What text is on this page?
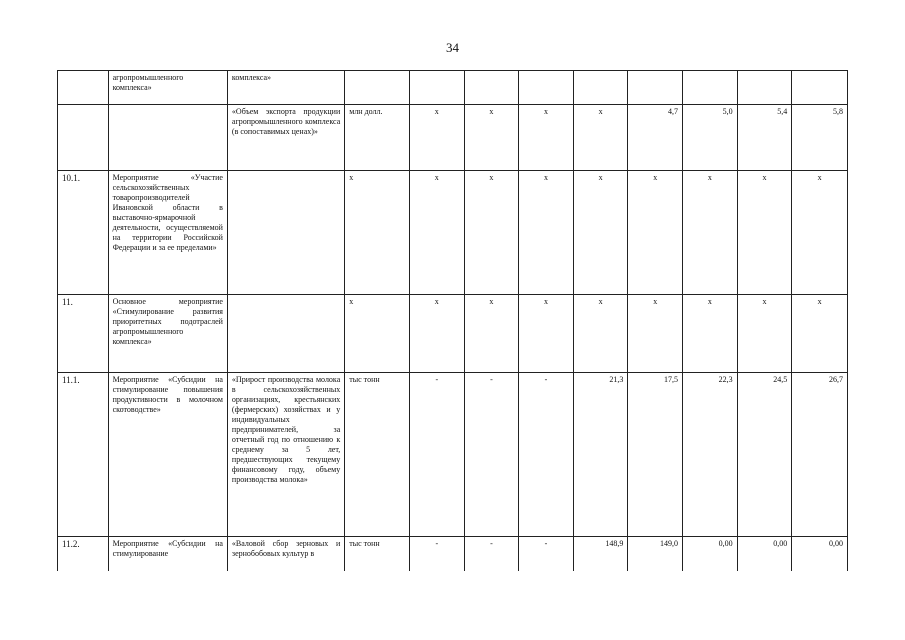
34
	агропромышленного комплекса»	комплекса»										
		«Объем экспорта продукции агропромышленного комплекса (в сопоставимых ценах)»	млн долл.	х	х	х	х	4,7	5,0	5,4	5,8	
10.1.	Мероприятие «Участие сельскохозяйственных товаропроизводителей Ивановской области в выставочно-ярмарочной деятельности, осуществляемой на территории Российской Федерации и за ее пределами»		х	х	х	х	х	х	х	х	х	
11.	Основное мероприятие «Стимулирование развития приоритетных подотраслей агропромышленного комплекса»		х	х	х	х	х	х	х	х	х	
11.1.	Мероприятие «Субсидии на стимулирование повышения продуктивности в молочном скотоводстве»	«Прирост производства молока в сельскохозяйственных организациях, крестьянских (фермерских) хозяйствах и у индивидуальных предпринимателей, за отчетный год по отношению к среднему за 5 лет, предшествующих текущему финансовому году, объему производства молока»	тыс тонн	-	-	-	21,3	17,5	22,3	24,5	26,7	
11.2.	Мероприятие «Субсидии на стимулирование	«Валовой сбор зерновых и зернобобовых культур в	тыс тонн	-	-	-	148,9	149,0	0,00	0,00	0,00	
